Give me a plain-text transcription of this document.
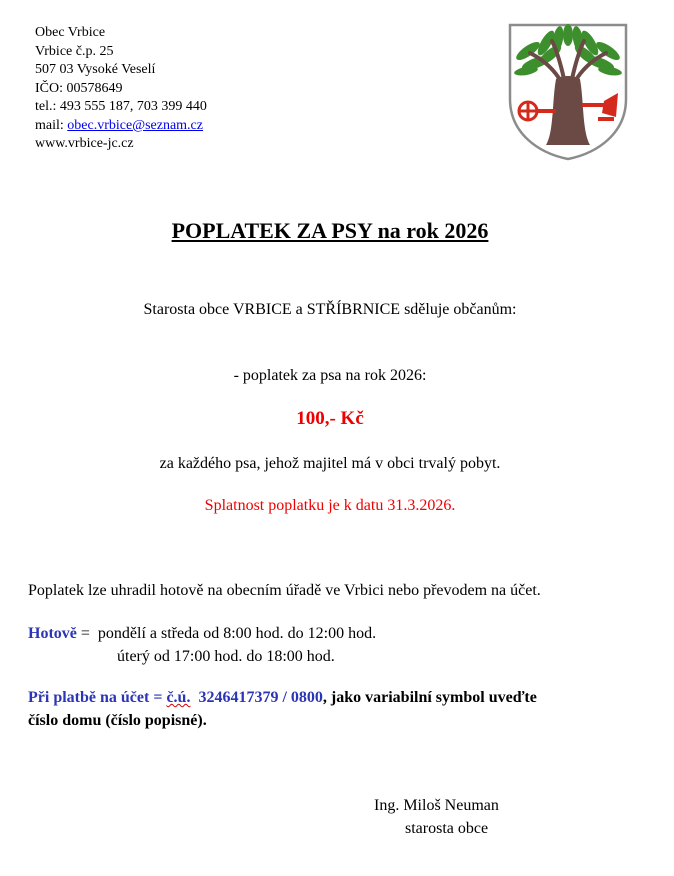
Obec Vrbice
Vrbice č.p. 25
507 03 Vysoké Veselí
IČO: 00578649
tel.: 493 555 187, 703 399 440
mail: obec.vrbice@seznam.cz
www.vrbice-jc.cz
POPLATEK ZA PSY na rok 2026
Starosta obce VRBICE a STŘÍBRNICE sděluje občanům:
- poplatek za psa na rok 2026:
100,- Kč
za každého psa, jehož majitel má v obci trvalý pobyt.
Splatnost poplatku je k datu 31.3.2026.
Poplatek lze uhradil hotově na obecním úřadě ve Vrbici nebo převodem na účet.
Hotově =  pondělí a středa od 8:00 hod. do 12:00 hod.
úterý od 17:00 hod. do 18:00 hod.
Při platbě na účet = č.ú.  3246417379 / 0800, jako variabilní symbol uveďte
číslo domu (číslo popisné).
Ing. Miloš Neuman
starosta obce
